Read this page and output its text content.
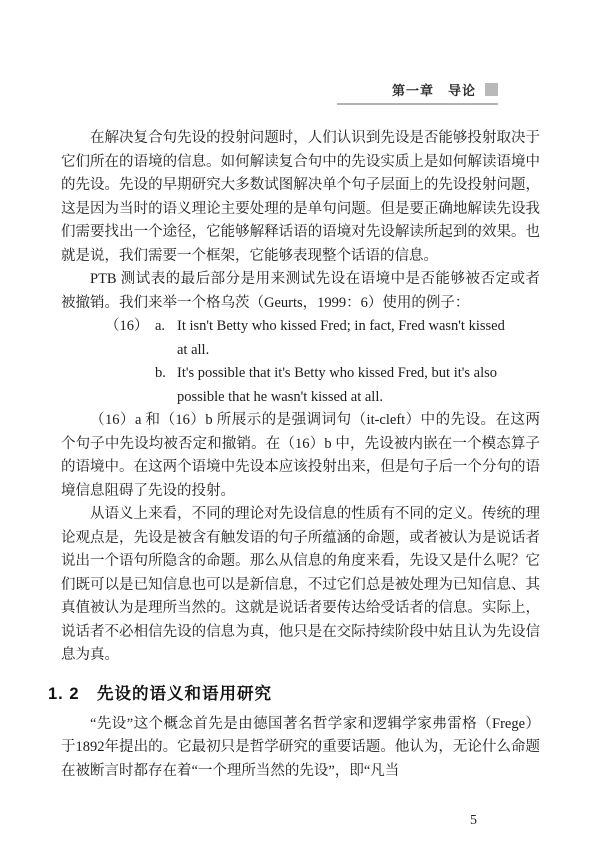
第一章　导论

在解决复合句先设的投射问题时，人们认识到先设是否能够投射取决于它们所在的语境的信息。如何解读复合句中的先设实质上是如何解读语境中的先设。先设的早期研究大多数试图解决单个句子层面上的先设投射问题，这是因为当时的语义理论主要处理的是单句问题。但是要正确地解读先设我们需要找出一个途径，它能够解释话语的语境对先设解读所起到的效果。也就是说，我们需要一个框架，它能够表现整个话语的信息。

PTB 测试表的最后部分是用来测试先设在语境中是否能够被否定或者被撤销。我们来举一个格乌茨（Geurts，1999：6）使用的例子：

（16） a. It isn't Betty who kissed Fred; in fact, Fred wasn't kissed at all.
b. It's possible that it's Betty who kissed Fred, but it's also possible that he wasn't kissed at all.

（16）a 和（16）b 所展示的是强调词句（it-cleft）中的先设。在这两个句子中先设均被否定和撤销。在（16）b 中，先设被内嵌在一个模态算子的语境中。在这两个语境中先设本应该投射出来，但是句子后一个分句的语境信息阻碍了先设的投射。

从语义上来看，不同的理论对先设信息的性质有不同的定义。传统的理论观点是，先设是被含有触发语的句子所蕴涵的命题，或者被认为是说话者说出一个语句所隐含的命题。那么从信息的角度来看，先设又是什么呢？它们既可以是已知信息也可以是新信息，不过它们总是被处理为已知信息、其真值被认为是理所当然的。这就是说话者要传达给受话者的信息。实际上，说话者不必相信先设的信息为真，他只是在交际持续阶段中姑且认为先设信息为真。

1. 2　先设的语义和语用研究

“先设”这个概念首先是由德国著名哲学家和逻辑学家弗雷格（Frege）于1892年提出的。它最初只是哲学研究的重要话题。他认为，无论什么命题在被断言时都存在着“一个理所当然的先设”，即“凡当

5
